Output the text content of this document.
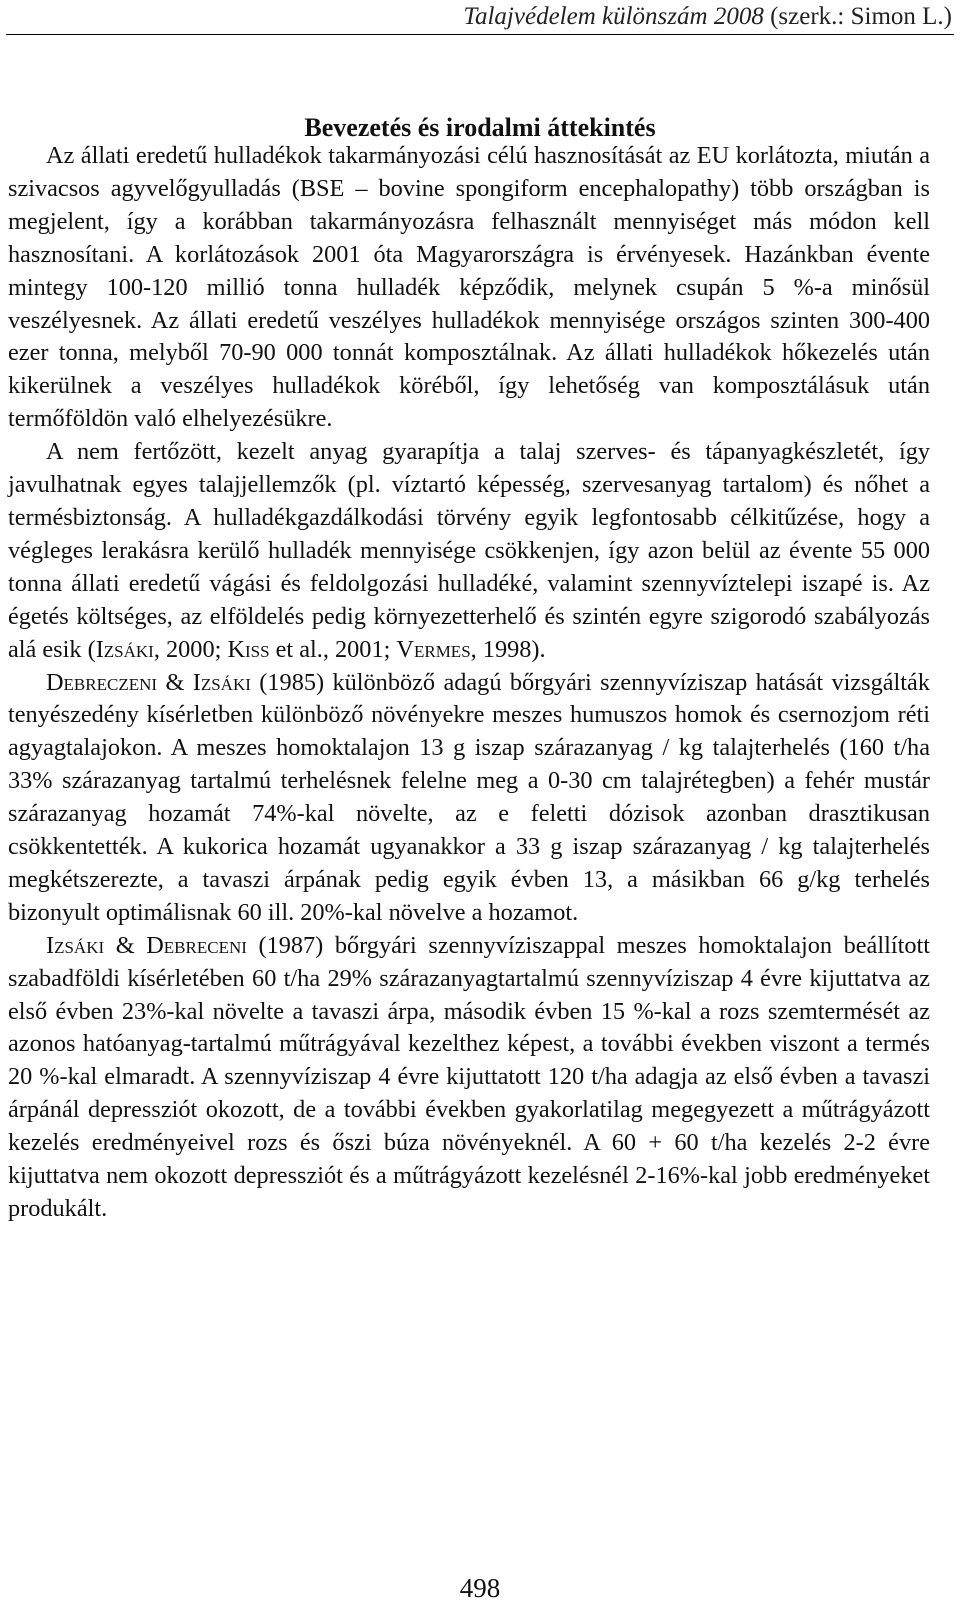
Talajvédelem különszám 2008 (szerk.: Simon L.)
Bevezetés és irodalmi áttekintés

Az állati eredetű hulladékok takarmányozási célú hasznosítását az EU korlátozta, miután a szivacsos agyvelőgyulladás (BSE – bovine spongiform encephalopathy) több országban is megjelent, így a korábban takarmányozásra felhasznált mennyiséget más módon kell hasznosítani. A korlátozások 2001 óta Magyarországra is érvényesek. Hazánkban évente mintegy 100-120 millió tonna hulladék képződik, melynek csupán 5 %-a minősül veszélyesnek. Az állati eredetű veszélyes hulladékok mennyisége országos szinten 300-400 ezer tonna, melyből 70-90 000 tonnát komposztálnak. Az állati hulladékok hőkezelés után kikerülnek a veszélyes hulladékok köréből, így lehetőség van komposztálásuk után termőföldön való elhelyezésükre.

A nem fertőzött, kezelt anyag gyarapítja a talaj szerves- és tápanyagkészletét, így javulhatnak egyes talajjellemzők (pl. víztartó képesség, szervesanyag tartalom) és nőhet a termésbiztonság. A hulladékgazdálkodási törvény egyik legfontosabb célkitűzése, hogy a végleges lerakásra kerülő hulladék mennyisége csökkenjen, így azon belül az évente 55 000 tonna állati eredetű vágási és feldolgozási hulladéké, valamint szennyvíztelepi iszapé is. Az égetés költséges, az elföldelés pedig környezetterhelő és szintén egyre szigorodó szabályozás alá esik (Izsáki, 2000; Kiss et al., 2001; Vermes, 1998).

Debreczeni & Izsáki (1985) különböző adagú bőrgyári szennyvíziszap hatását vizsgálták tenyészedény kísérletben különböző növényekre meszes humuszos homok és csernozjom réti agyagtalajokon. A meszes homoktalajon 13 g iszap szárazanyag / kg talajterhelés (160 t/ha 33% szárazanyag tartalmú terhelésnek felelne meg a 0-30 cm talajrétegben) a fehér mustár szárazanyag hozamát 74%-kal növelte, az e feletti dózisok azonban drasztikusan csökkentették. A kukorica hozamát ugyanakkor a 33 g iszap szárazanyag / kg talajterhelés megkétszerezte, a tavaszi árpának pedig egyik évben 13, a másikban 66 g/kg terhelés bizonyult optimálisnak 60 ill. 20%-kal növelve a hozamot.

Izsáki & Debreceni (1987) bőrgyári szennyvíziszappal meszes homoktalajon beállított szabadföldi kísérletében 60 t/ha 29% szárazanyagtartalmú szennyvíziszap 4 évre kijuttatva az első évben 23%-kal növelte a tavaszi árpa, második évben 15 %-kal a rozs szemtermését az azonos hatóanyag-tartalmú műtrágyával kezelthez képest, a további években viszont a termés 20 %-kal elmaradt. A szennyvíziszap 4 évre kijuttatott 120 t/ha adagja az első évben a tavaszi árpánál depressziót okozott, de a további években gyakorlatilag megegyezett a műtrágyázott kezelés eredményeivel rozs és őszi búza növényeknél. A 60 + 60 t/ha kezelés 2-2 évre kijuttatva nem okozott depressziót és a műtrágyázott kezelésnél 2-16%-kal jobb eredményeket produkált.

498
